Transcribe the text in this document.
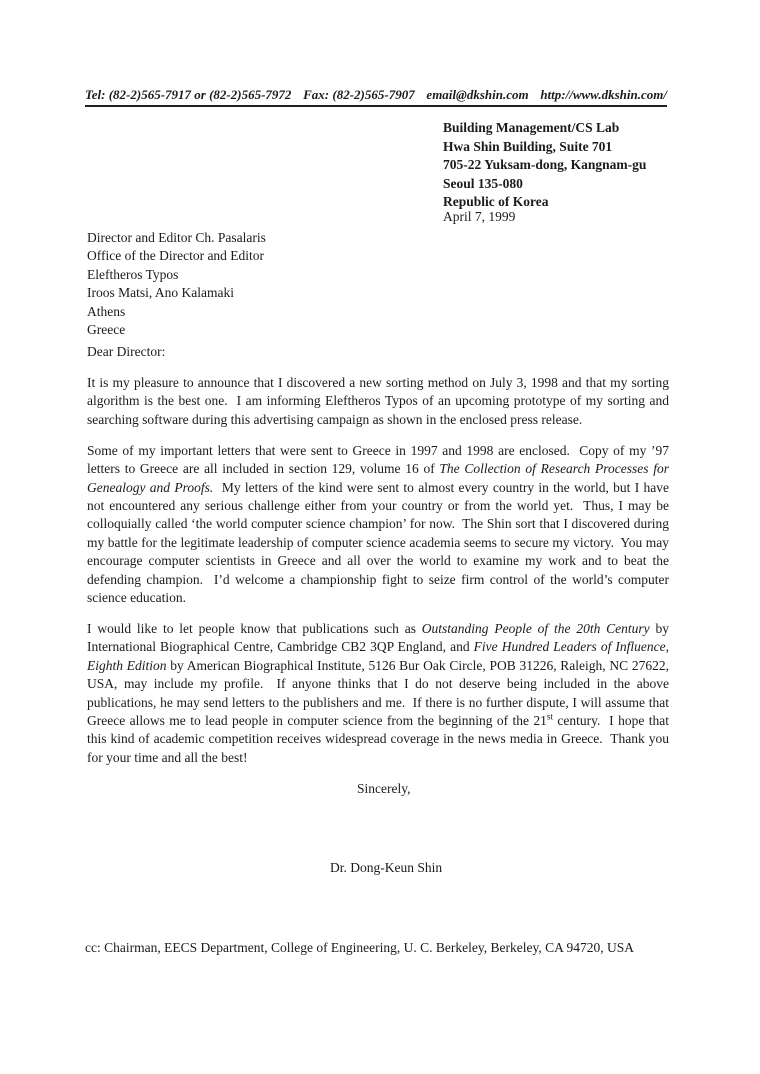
Tel: (82-2)565-7917 or (82-2)565-7972 Fax: (82-2)565-7907 email@dkshin.com http://www.dkshin.com/
Building Management/CS Lab
Hwa Shin Building, Suite 701
705-22 Yuksam-dong, Kangnam-gu
Seoul 135-080
Republic of Korea
April 7, 1999
Director and Editor Ch. Pasalaris
Office of the Director and Editor
Eleftheros Typos
Iroos Matsi, Ano Kalamaki
Athens
Greece
Dear Director:

It is my pleasure to announce that I discovered a new sorting method on July 3, 1998 and that my sorting algorithm is the best one.  I am informing Eleftheros Typos of an upcoming prototype of my sorting and searching software during this advertising campaign as shown in the enclosed press release.

Some of my important letters that were sent to Greece in 1997 and 1998 are enclosed.  Copy of my ’97 letters to Greece are all included in section 129, volume 16 of The Collection of Research Processes for Genealogy and Proofs.  My letters of the kind were sent to almost every country in the world, but I have not encountered any serious challenge either from your country or from the world yet.  Thus, I may be colloquially called ‘the world computer science champion’ for now.  The Shin sort that I discovered during my battle for the legitimate leadership of computer science academia seems to secure my victory.  You may encourage computer scientists in Greece and all over the world to examine my work and to beat the defending champion.  I’d welcome a championship fight to seize firm control of the world’s computer science education.

I would like to let people know that publications such as Outstanding People of the 20th Century by International Biographical Centre, Cambridge CB2 3QP England, and Five Hundred Leaders of Influence, Eighth Edition by American Biographical Institute, 5126 Bur Oak Circle, POB 31226, Raleigh, NC 27622, USA, may include my profile.  If anyone thinks that I do not deserve being included in the above publications, he may send letters to the publishers and me.  If there is no further dispute, I will assume that Greece allows me to lead people in computer science from the beginning of the 21st century.  I hope that this kind of academic competition receives widespread coverage in the news media in Greece.  Thank you for your time and all the best!

Sincerely,
Dr. Dong-Keun Shin
cc: Chairman, EECS Department, College of Engineering, U. C. Berkeley, Berkeley, CA 94720, USA
